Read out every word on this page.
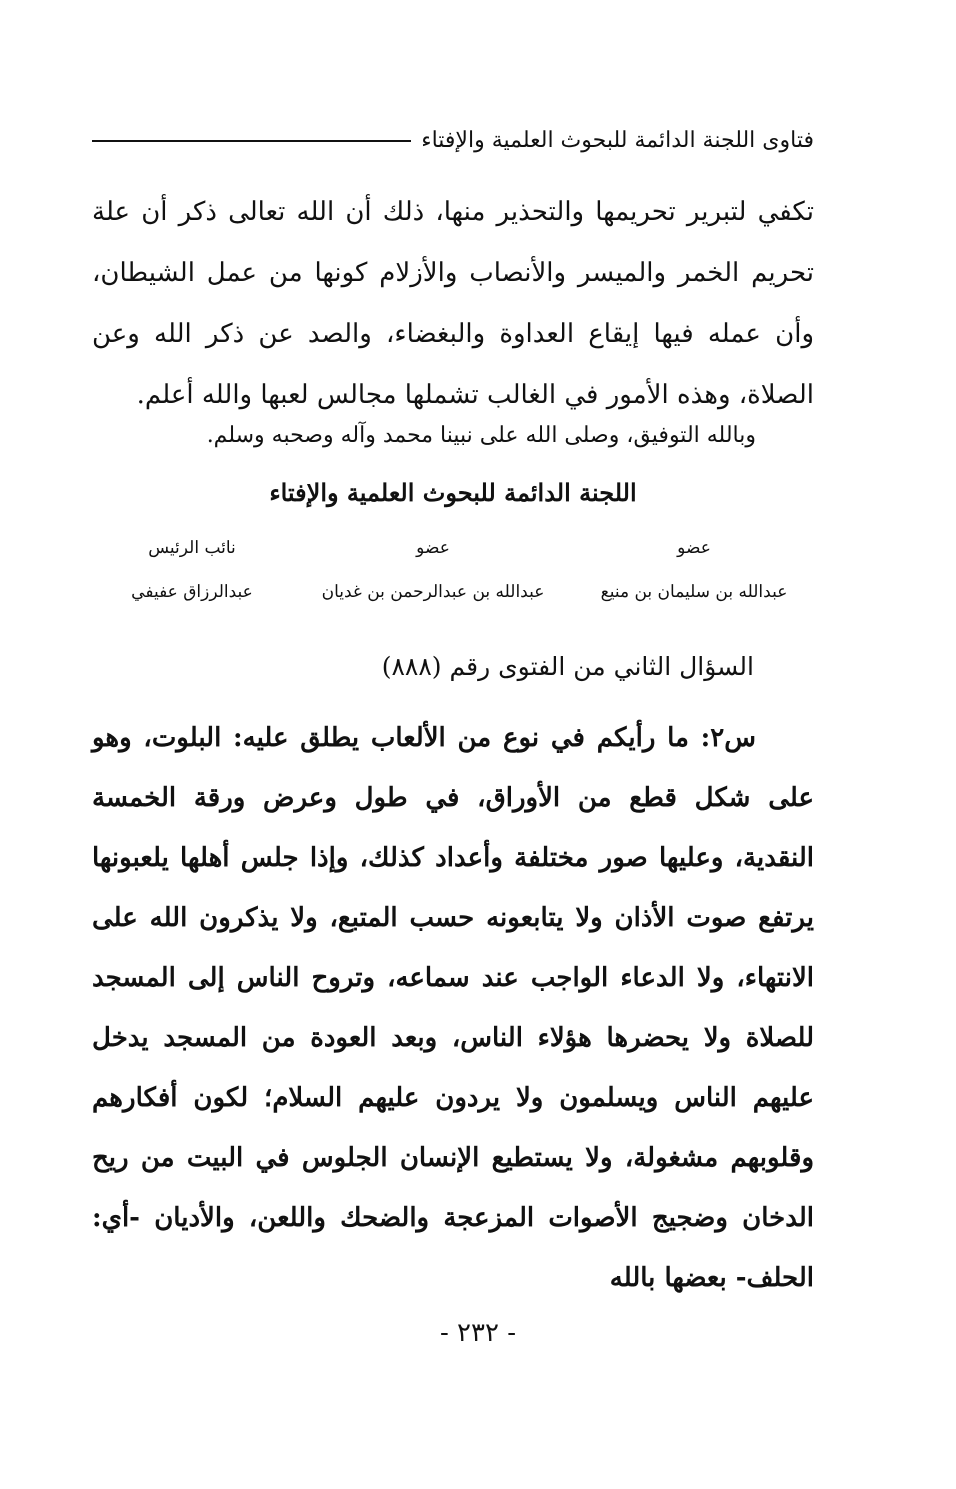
فتاوى اللجنة الدائمة للبحوث العلمية والإفتاء
تكفي لتبرير تحريمها والتحذير منها، ذلك أن الله تعالى ذكر أن علة تحريم الخمر والميسر والأنصاب والأزلام كونها من عمل الشيطان، وأن عمله فيها إيقاع العداوة والبغضاء، والصد عن ذكر الله وعن الصلاة، وهذه الأمور في الغالب تشملها مجالس لعبها والله أعلم.
وبالله التوفيق، وصلى الله على نبينا محمد وآله وصحبه وسلم.
اللجنة الدائمة للبحوث العلمية والإفتاء
عضو
عبدالله بن سليمان بن منيع
عضو
عبدالله بن عبدالرحمن بن غديان
نائب الرئيس
عبدالرزاق عفيفي
السؤال الثاني من الفتوى رقم (٨٨٨)
س٢: ما رأيكم في نوع من الألعاب يطلق عليه: البلوت، وهو على شكل قطع من الأوراق، في طول وعرض ورقة الخمسة النقدية، وعليها صور مختلفة وأعداد كذلك، وإذا جلس أهلها يلعبونها يرتفع صوت الأذان ولا يتابعونه حسب المتبع، ولا يذكرون الله على الانتهاء، ولا الدعاء الواجب عند سماعه، وتروح الناس إلى المسجد للصلاة ولا يحضرها هؤلاء الناس، وبعد العودة من المسجد يدخل عليهم الناس ويسلمون ولا يردون عليهم السلام؛ لكون أفكارهم وقلوبهم مشغولة، ولا يستطيع الإنسان الجلوس في البيت من ريح الدخان وضجيج الأصوات المزعجة والضحك واللعن، والأديان -أي: الحلف- بعضها بالله
- ٢٣٢ -
